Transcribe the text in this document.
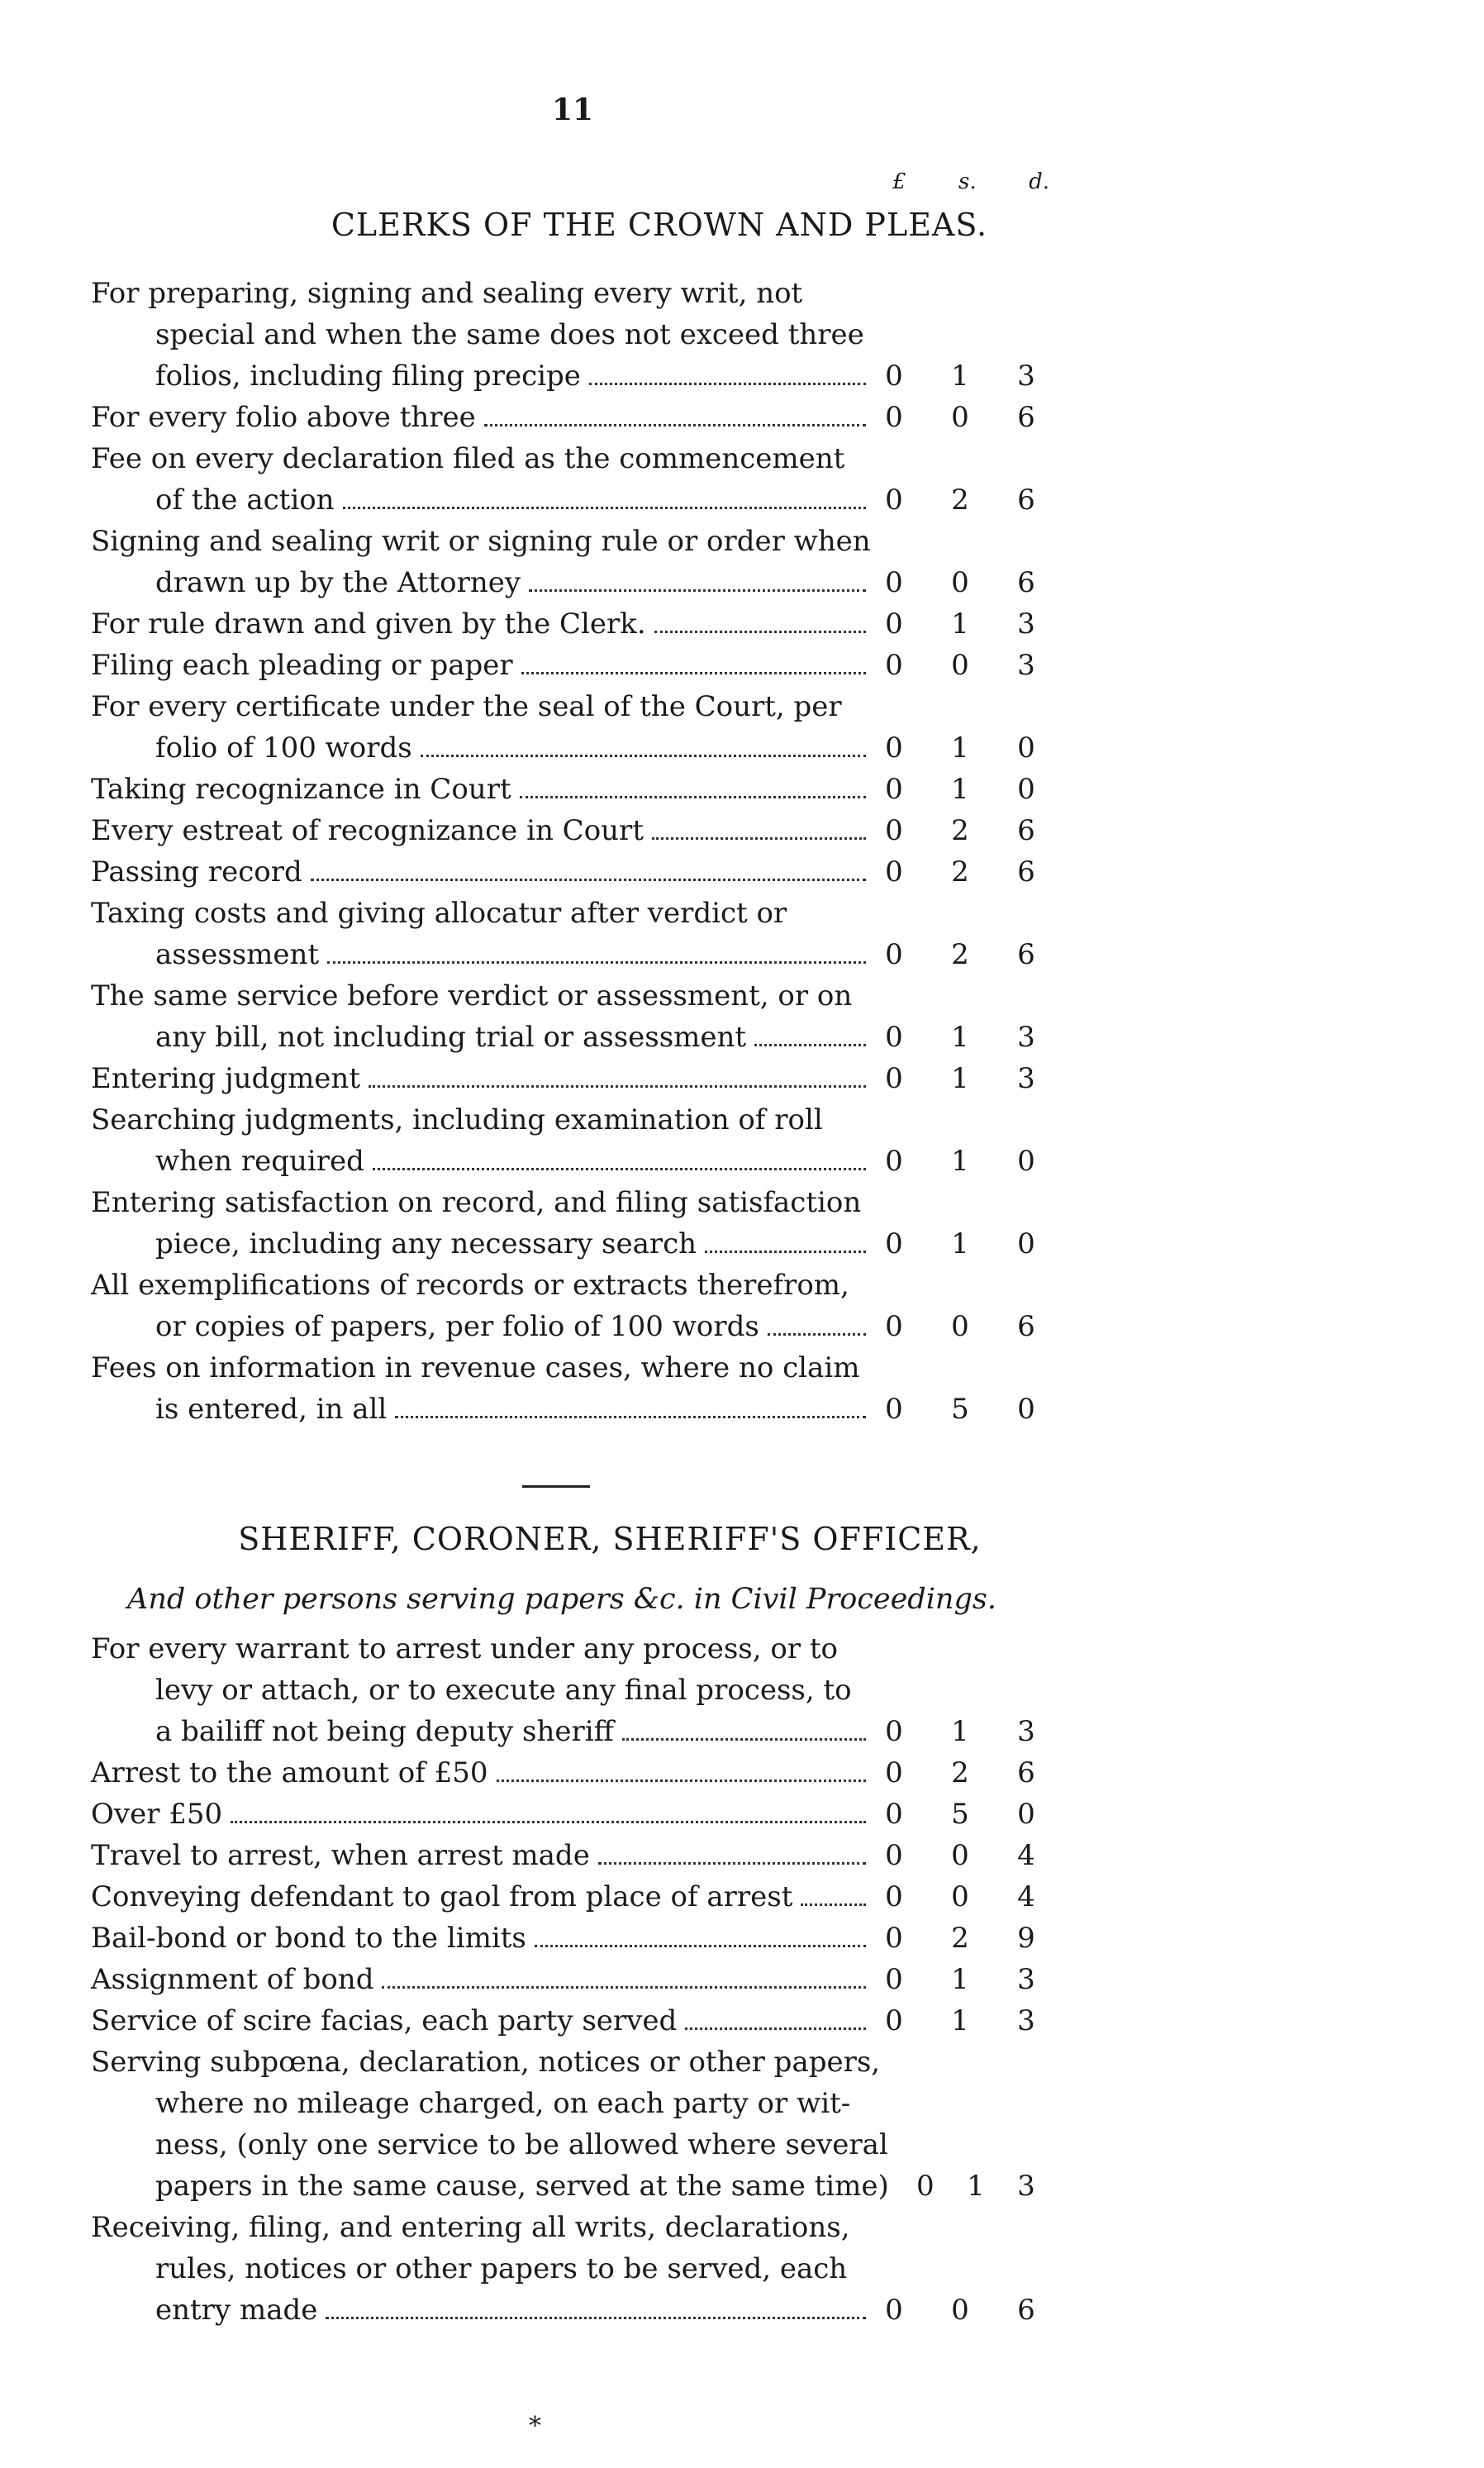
11
£ s. d.
CLERKS OF THE CROWN AND PLEAS.
For preparing, signing and sealing every writ, not
special and when the same does not exceed three
folios, including filing precipe	0 1 3
For every folio above three	0 0 6
Fee on every declaration filed as the commencement
of the action	0 2 6
Signing and sealing writ or signing rule or order when
drawn up by the Attorney	0 0 6
For rule drawn and given by the Clerk.	0 1 3
Filing each pleading or paper	0 0 3
For every certificate under the seal of the Court, per
folio of 100 words	0 1 0
Taking recognizance in Court	0 1 0
Every estreat of recognizance in Court	0 2 6
Passing record	0 2 6
Taxing costs and giving allocatur after verdict or
assessment	0 2 6
The same service before verdict or assessment, or on
any bill, not including trial or assessment	0 1 3
Entering judgment	0 1 3
Searching judgments, including examination of roll
when required	0 1 0
Entering satisfaction on record, and filing satisfaction
piece, including any necessary search	0 1 0
All exemplifications of records or extracts therefrom,
or copies of papers, per folio of 100 words	0 0 6
Fees on information in revenue cases, where no claim
is entered, in all	0 5 0
SHERIFF, CORONER, SHERIFF'S OFFICER,
And other persons serving papers &c. in Civil Proceedings.
For every warrant to arrest under any process, or to
levy or attach, or to execute any final process, to
a bailiff not being deputy sheriff	0 1 3
Arrest to the amount of £50	0 2 6
Over £50	0 5 0
Travel to arrest, when arrest made	0 0 4
Conveying defendant to gaol from place of arrest	0 0 4
Bail-bond or bond to the limits	0 2 9
Assignment of bond	0 1 3
Service of scire facias, each party served	0 1 3
Serving subpœna, declaration, notices or other papers,
where no mileage charged, on each party or wit-
ness, (only one service to be allowed where several
papers in the same cause, served at the same time) 0 1 3
Receiving, filing, and entering all writs, declarations,
rules, notices or other papers to be served, each
entry made	0 0 6
*
